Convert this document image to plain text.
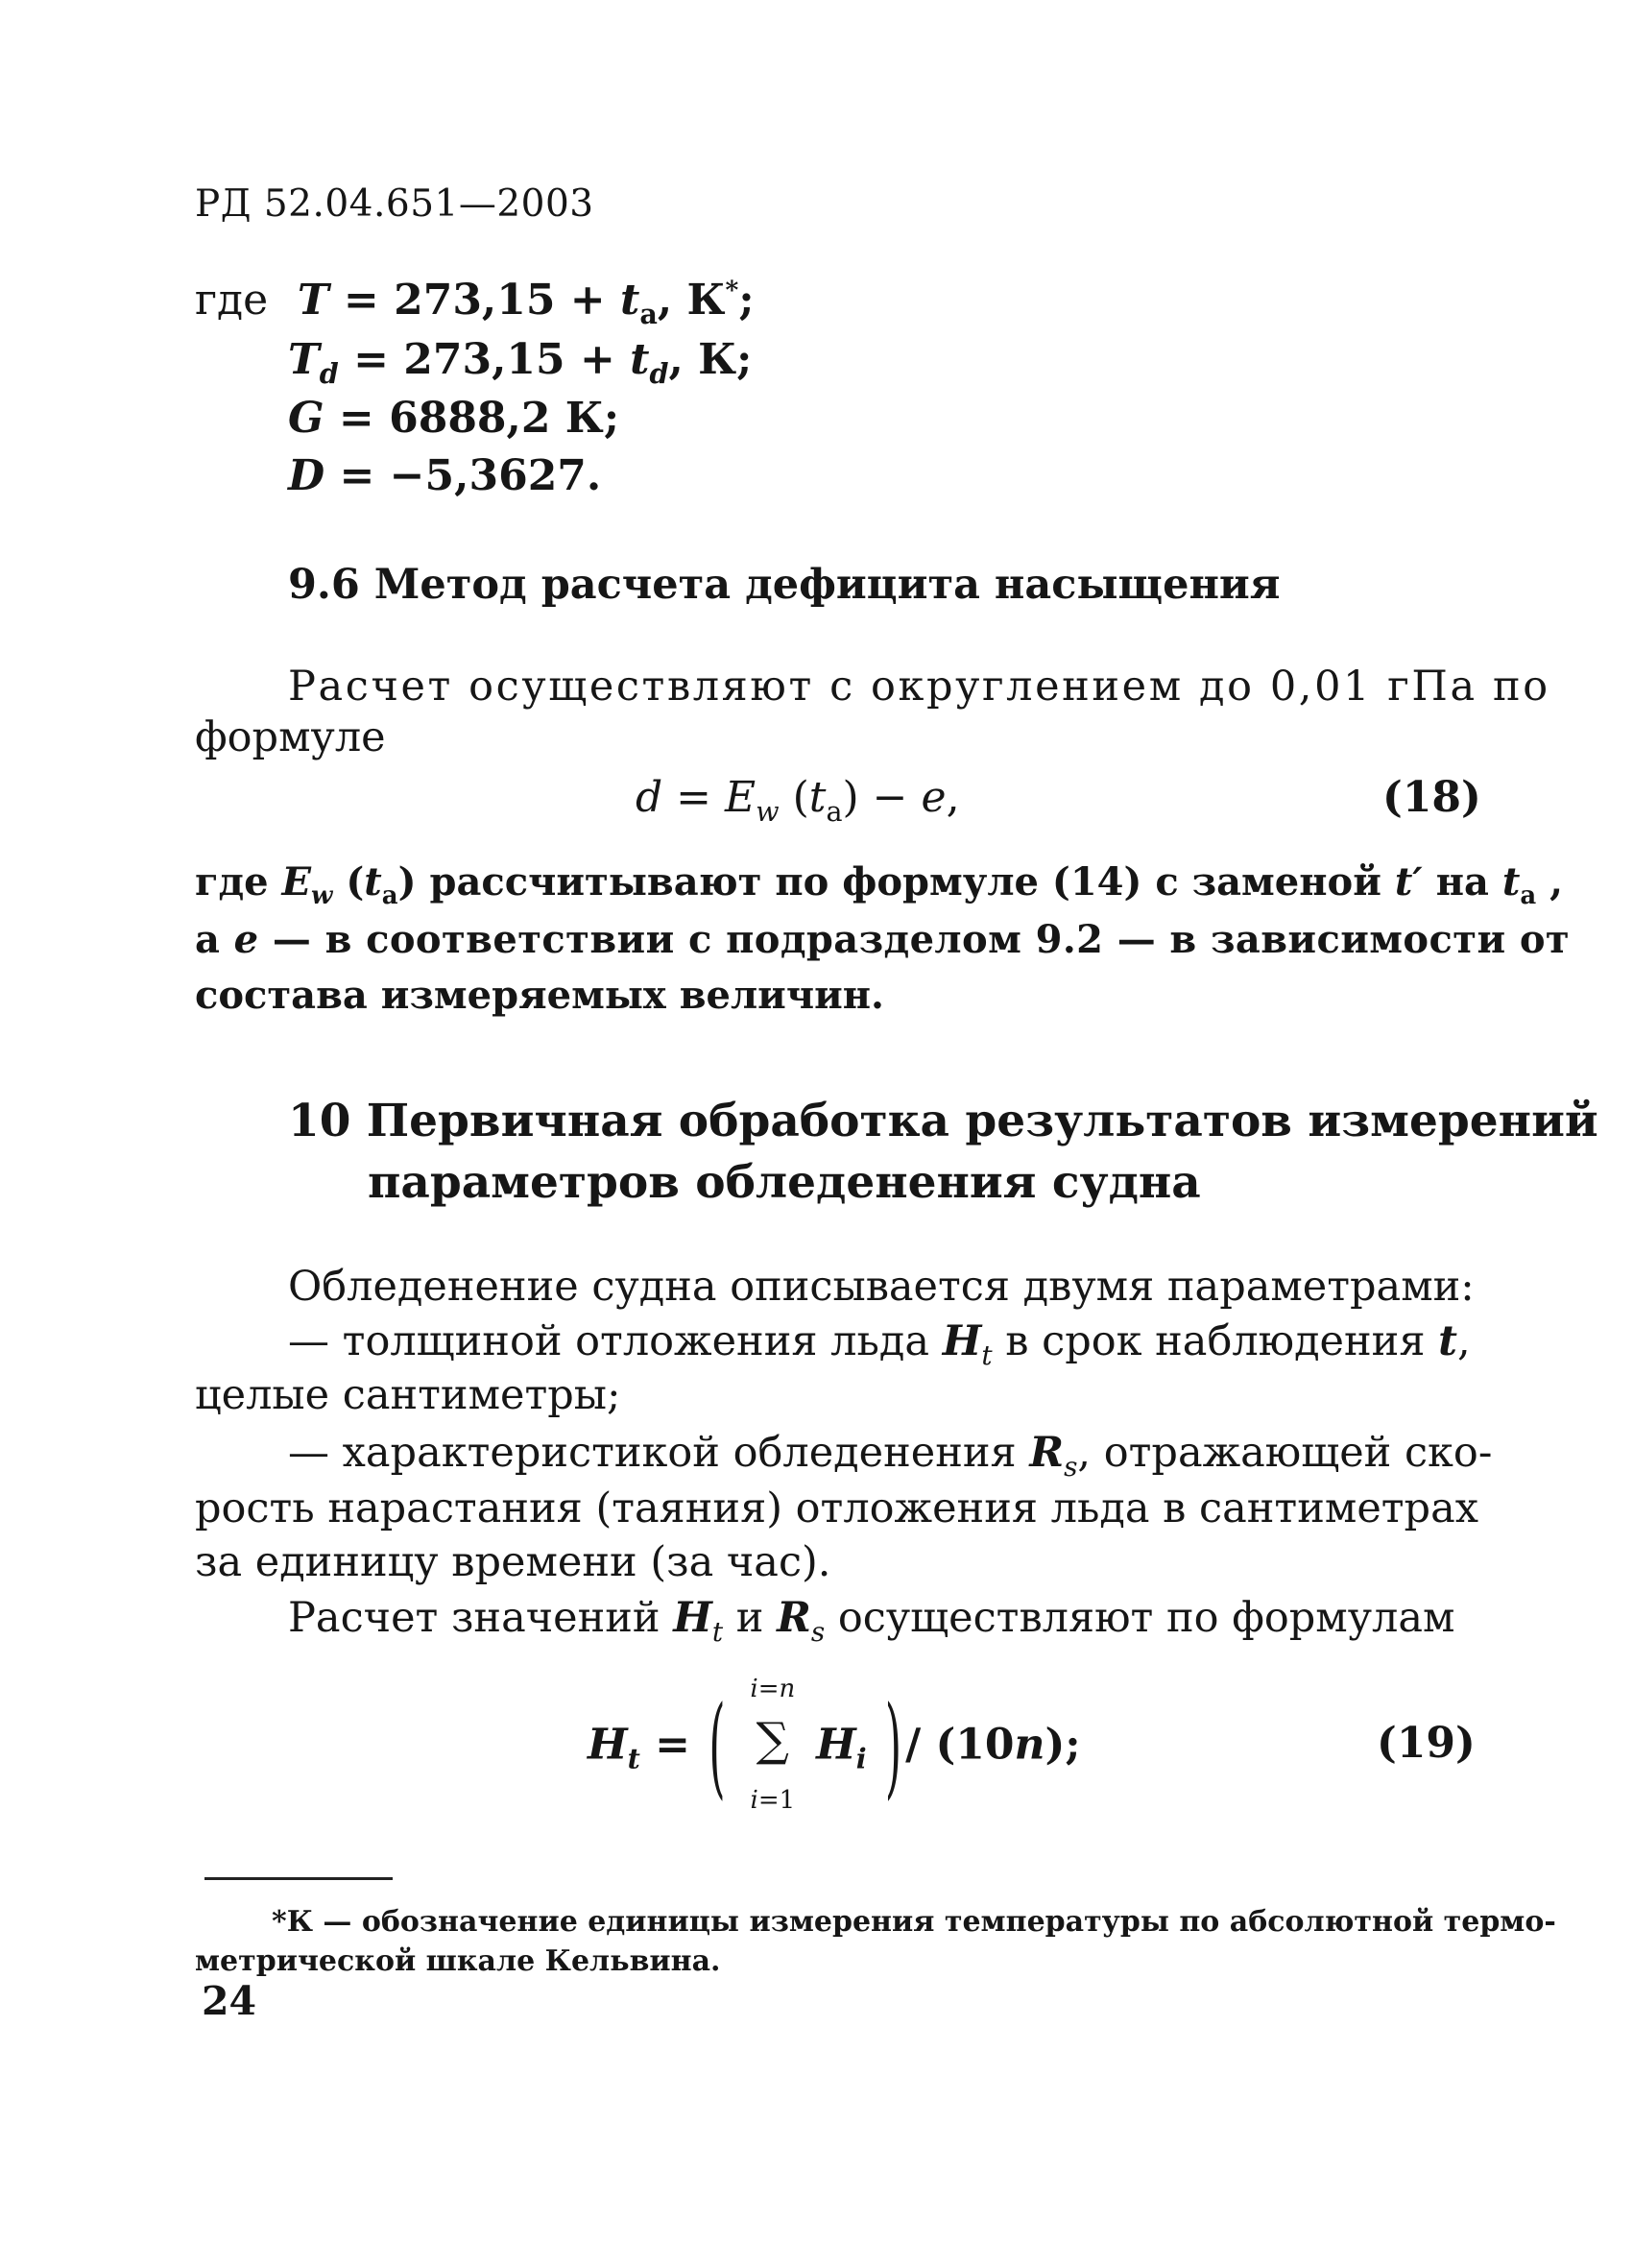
РД 52.04.651—2003
где $T = 273,15 + t_а$, К*;
$T_d = 273,15 + t_d$, К;
G = 6888,2 К;
D = −5,3627.
9.6 Метод расчета дефицита насыщения
Расчет осуществляют с округлением до 0,01 гПа по
формуле
$d = E_w$ $(t_а) - e$,	(18)
где $E_w$ $(t_а)$ рассчитывают по формуле (14) с заменой t′ на $t_а$ ,
а e — в соответствии с подразделом 9.2 — в зависимости от
состава измеряемых величин.
10 Первичная обработка результатов измерений
параметров обледенения судна
Обледенение судна описывается двумя параметрами:
— толщиной отложения льда $H_t$ в срок наблюдения t,
целые сантиметры;
— характеристикой обледенения $R_s$, отражающей ско-
рость нарастания (таяния) отложения льда в сантиметрах
за единицу времени (за час).
Расчет значений $H_t$ и $R_s$ осуществляют по формулам
$H_t$ = ( i=n
∑
i=1
$H_i$ )/ (10n);	(19)
*К — обозначение единицы измерения температуры по абсолютной термо-
метрической шкале Кельвина.
24
